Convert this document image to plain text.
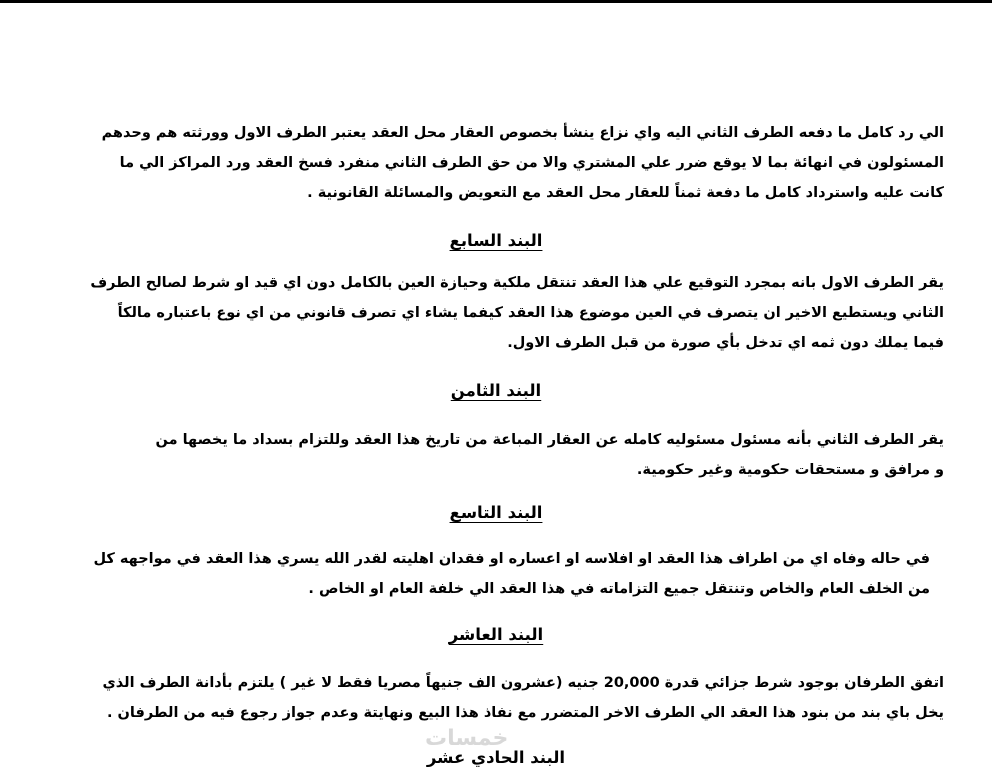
الي رد كامل ما دفعه الطرف الثاني اليه واي نزاع ينشأ بخصوص العقار محل العقد يعتبر الطرف الاول وورثته هم وحدهم
المسئولون في انهائة بما لا يوقع ضرر علي المشتري والا من حق الطرف الثاني منفرد فسخ العقد ورد المراكز الي ما
كانت عليه واسترداد كامل ما دفعة ثمناً للعقار محل العقد مع التعويض والمسائلة القانونية .

البند السابع

يقر الطرف الاول بانه بمجرد التوقيع علي هذا العقد تنتقل ملكية وحيازة العين بالكامل دون اي قيد او شرط لصالح الطرف
الثاني ويستطيع الاخير ان يتصرف في العين موضوع هذا العقد كيفما يشاء اي تصرف قانوني من اي نوع باعتباره مالكاً
فيما يملك دون ثمه اي تدخل بأي صورة من قبل الطرف الاول.

البند الثامن

يقر الطرف الثاني بأنه مسئول مسئوليه كامله عن العقار المباعة من تاريخ هذا العقد وللتزام بسداد ما يخصها من
و مرافق و مستحقات حكومية وغير حكومية.

البند التاسع

في حاله وفاه اي من اطراف هذا العقد او افلاسه او اعساره او فقدان اهليته لقدر الله يسري هذا العقد في مواجهه كل
من الخلف العام والخاص وتنتقل جميع التزاماته في هذا العقد الي خلفة العام او الخاص .

البند العاشر

اتفق الطرفان بوجود شرط جزائي قدرة 20,000 جنيه (عشرون الف جنيهاً مصريا فقط لا غير ) يلتزم بأدانة الطرف الذي
يخل باي بند من بنود هذا العقد الي الطرف الاخر المتضرر مع نفاذ هذا البيع ونهايتة وعدم جواز رجوع فيه من الطرفان .

خمسات
البند الحادي عشر
